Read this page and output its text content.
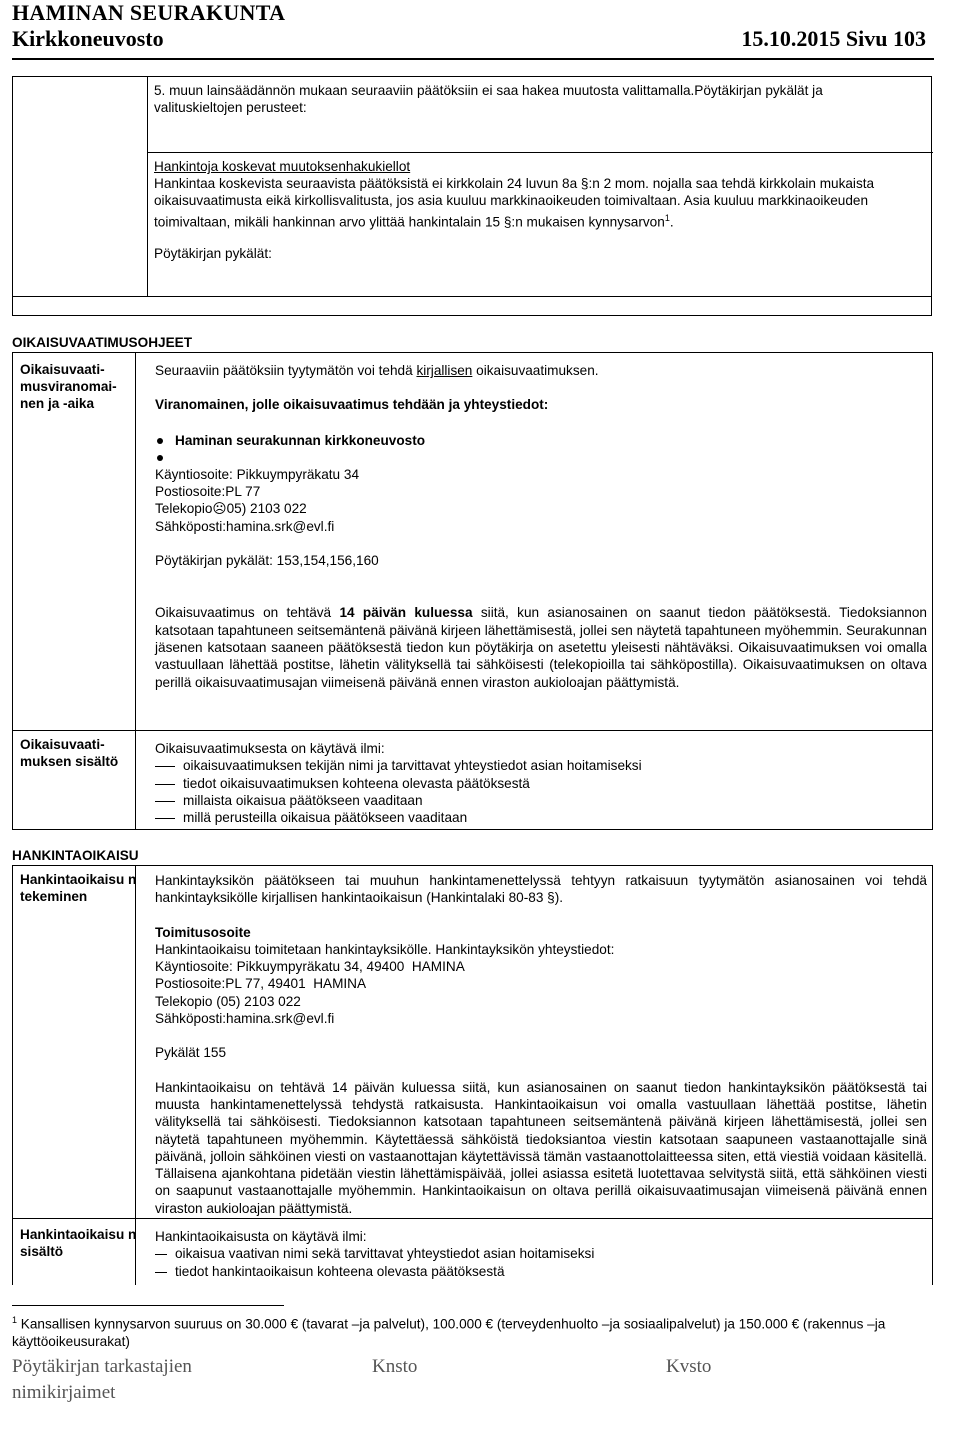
HAMINAN SEURAKUNTA
Kirkkoneuvosto	15.10.2015 Sivu 103
5. muun lainsäädännön mukaan seuraaviin päätöksiin ei saa hakea muutosta valittamalla.Pöytäkirjan pykälät ja valituskieltojen perusteet:
Hankintoja koskevat muutoksenhakukiellot
Hankintaa koskevista seuraavista päätöksistä ei kirkkolain 24 luvun 8a §:n 2 mom. nojalla saa tehdä kirkkolain mukaista oikaisuvaatimusta eikä kirkollisvalitusta, jos asia kuuluu markkinaoikeuden toimivaltaan. Asia kuuluu markkinaoikeuden toimivaltaan, mikäli hankinnan arvo ylittää hankintalain 15 §:n mukaisen kynnysarvon$^1$.
Pöytäkirjan pykälät:
OIKAISUVAATIMUSOHJEET
Oikaisuvaati-musviranomai-nen ja -aika
Seuraaviin päätöksiin tyytymätön voi tehdä kirjallisen oikaisuvaatimuksen.
Viranomainen, jolle oikaisuvaatimus tehdään ja yhteystiedot:
Haminan seurakunnan kirkkoneuvosto
Käyntiosoite: Pikkuympyräkatu 34
Postiosoite:PL 77
Telekopio☹05) 2103 022
Sähköposti:hamina.srk@evl.fi
Pöytäkirjan pykälät: 153,154,156,160
Oikaisuvaatimus on tehtävä 14 päivän kuluessa siitä, kun asianosainen on saanut tiedon päätöksestä. Tiedoksiannon katsotaan tapahtuneen seitsemäntenä päivänä kirjeen lähettämisestä, jollei sen näytetä tapahtuneen myöhemmin. Seurakunnan jäsenen katsotaan saaneen päätöksestä tiedon kun pöytäkirja on asetettu yleisesti nähtäväksi. Oikaisuvaatimuksen voi omalla vastuullaan lähettää postitse, lähetin välityksellä tai sähköisesti (telekopioilla tai sähköpostilla). Oikaisuvaatimuksen on oltava perillä oikaisuvaatimusajan viimeisenä päivänä ennen viraston aukioloajan päättymistä.
Oikaisuvaati-muksen sisältö
Oikaisuvaatimuksesta on käytävä ilmi:
oikaisuvaatimuksen tekijän nimi ja tarvittavat yhteystiedot asian hoitamiseksi
tiedot oikaisuvaatimuksen kohteena olevasta päätöksestä
millaista oikaisua päätökseen vaaditaan
millä perusteilla oikaisua päätökseen vaaditaan
HANKINTAOIKAISU
Hankintaoikaisu n tekeminen
Hankintayksikön päätökseen tai muuhun hankintamenettelyssä tehtyyn ratkaisuun tyytymätön asianosainen voi tehdä hankintayksikölle kirjallisen hankintaoikaisun (Hankintalaki 80-83 §).
Toimitusosoite
Hankintaoikaisu toimitetaan hankintayksikölle. Hankintayksikön yhteystiedot:
Käyntiosoite: Pikkuympyräkatu 34, 49400  HAMINA
Postiosoite:PL 77, 49401  HAMINA
Telekopio (05) 2103 022
Sähköposti:hamina.srk@evl.fi
Pykälät 155
Hankintaoikaisu on tehtävä 14 päivän kuluessa siitä, kun asianosainen on saanut tiedon hankintayksikön päätöksestä tai muusta hankintamenettelyssä tehdystä ratkaisusta. Hankintaoikaisun voi omalla vastuullaan lähettää postitse, lähetin välityksellä tai sähköisesti. Tiedoksiannon katsotaan tapahtuneen seitsemäntenä päivänä kirjeen lähettämisestä, jollei sen näytetä tapahtuneen myöhemmin. Käytettäessä sähköistä tiedoksiantoa viestin katsotaan saapuneen vastaanottajalle sinä päivänä, jolloin sähköinen viesti on vastaanottajan käytettävissä tämän vastaanottolaitteessa siten, että viestiä voidaan käsitellä. Tällaisena ajankohtana pidetään viestin lähettämispäivää, jollei asiassa esitetä luotettavaa selvitystä siitä, että sähköinen viesti on saapunut vastaanottajalle myöhemmin. Hankintaoikaisun on oltava perillä oikaisuvaatimusajan viimeisenä päivänä ennen viraston aukioloajan päättymistä.
Hankintaoikaisu n sisältö
Hankintaoikaisusta on käytävä ilmi:
oikaisua vaativan nimi sekä tarvittavat yhteystiedot asian hoitamiseksi
tiedot hankintaoikaisun kohteena olevasta päätöksestä
$^1$ Kansallisen kynnysarvon suuruus on 30.000 € (tavarat –ja palvelut), 100.000 € (terveydenhuolto –ja sosiaalipalvelut) ja 150.000 € (rakennus –ja käyttöoikeusurakat)
Pöytäkirjan tarkastajien nimikirjaimet
Knsto	Kvsto
